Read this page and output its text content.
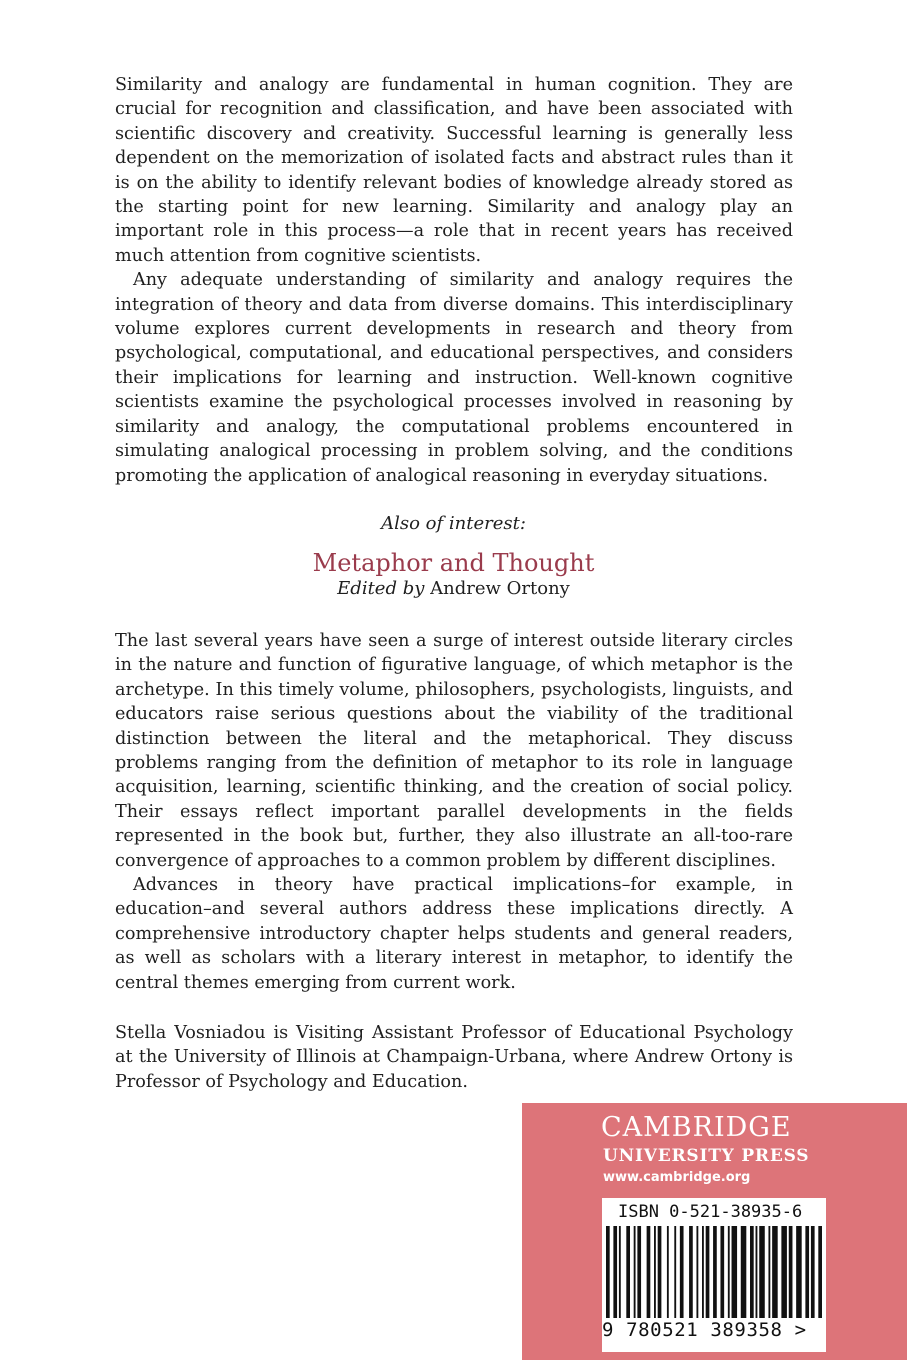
Similarity and analogy are fundamental in human cognition. They are crucial for recognition and classification, and have been associated with scientific discovery and creativity. Successful learning is generally less dependent on the memorization of isolated facts and abstract rules than it is on the ability to identify relevant bodies of knowledge already stored as the starting point for new learning. Similarity and analogy play an important role in this process—a role that in recent years has received much attention from cognitive scientists.

Any adequate understanding of similarity and analogy requires the integration of theory and data from diverse domains. This interdisciplinary volume explores current developments in research and theory from psychological, computational, and educational perspectives, and considers their implications for learning and instruction. Well-known cognitive scientists examine the psychological processes involved in reasoning by similarity and analogy, the computational problems encountered in simulating analogical processing in problem solving, and the conditions promoting the application of analogical reasoning in everyday situations.

Also of interest:
Metaphor and Thought
Edited by Andrew Ortony

The last several years have seen a surge of interest outside literary circles in the nature and function of figurative language, of which metaphor is the archetype. In this timely volume, philosophers, psychologists, linguists, and educators raise serious questions about the viability of the traditional distinction between the literal and the metaphorical. They discuss problems ranging from the definition of metaphor to its role in language acquisition, learning, scientific thinking, and the creation of social policy. Their essays reflect important parallel developments in the fields represented in the book but, further, they also illustrate an all-too-rare convergence of approaches to a common problem by different disciplines.

Advances in theory have practical implications–for example, in education–and several authors address these implications directly. A comprehensive introductory chapter helps students and general readers, as well as scholars with a literary interest in metaphor, to identify the central themes emerging from current work.

Stella Vosniadou is Visiting Assistant Professor of Educational Psychology at the University of Illinois at Champaign-Urbana, where Andrew Ortony is Professor of Psychology and Education.

CAMBRIDGE
UNIVERSITY PRESS
www.cambridge.org
ISBN 0-521-38935-6
9 780521 389358 >
